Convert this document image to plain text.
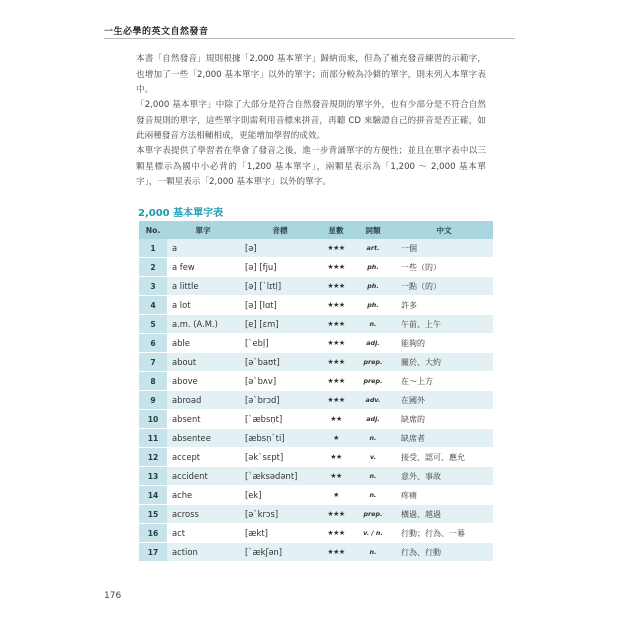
一生必學的英文自然發音
本書「自然發音」規則根據「2,000 基本單字」歸納而來，但為了補充發音練習的示範字，也增加了一些「2,000 基本單字」以外的單字；而部分較為冷僻的單字，則未列入本單字表中。
「2,000 基本單字」中除了大部分是符合自然發音規則的單字外，也有少部分是不符合自然發音規則的單字，這些單字則需利用音標來拼音，再聽 CD 來驗證自己的拼音是否正確，如此兩種發音方法相輔相成，更能增加學習的成效。
本單字表提供了學習者在學會了發音之後，進一步背誦單字的方便性；並且在單字表中以三顆星標示為國中小必背的「1,200 基本單字」，兩顆星表示為「1,200 ～ 2,000 基本單字」，一顆星表示「2,000 基本單字」以外的單字。
2,000 基本單字表
No.	單字	音標	星數	詞類	中文
1	a	[ə]	★★★	art.	一個
2	a few	[ə] [fju]	★★★	ph.	一些（的）
3	a little	[ə] [ˋlɪtḷ]	★★★	ph.	一點（的）
4	a lot	[ə] [lɑt]	★★★	ph.	許多
5	a.m. (A.M.)	[e] [ɛm]	★★★	n.	午前、上午
6	able	[ˋebḷ]	★★★	adj.	能夠的
7	about	[əˋbaʊt]	★★★	prep.	關於、大約
8	above	[əˋbʌv]	★★★	prep.	在～上方
9	abroad	[əˋbrɔd]	★★★	adv.	在國外
10	absent	[ˋæbsṇt]	★★	adj.	缺席的
11	absentee	[æbsṇˋti]	★	n.	缺席者
12	accept	[əkˋsɛpt]	★★	v.	接受、認可、應允
13	accident	[ˋæksədənt]	★★	n.	意外、事故
14	ache	[ek]	★	n.	疼痛
15	across	[əˋkrɔs]	★★★	prep.	橫過、越過
16	act	[ækt]	★★★	v. / n.	行動；行為、一幕
17	action	[ˋækʃən]	★★★	n.	行為、行動
176
